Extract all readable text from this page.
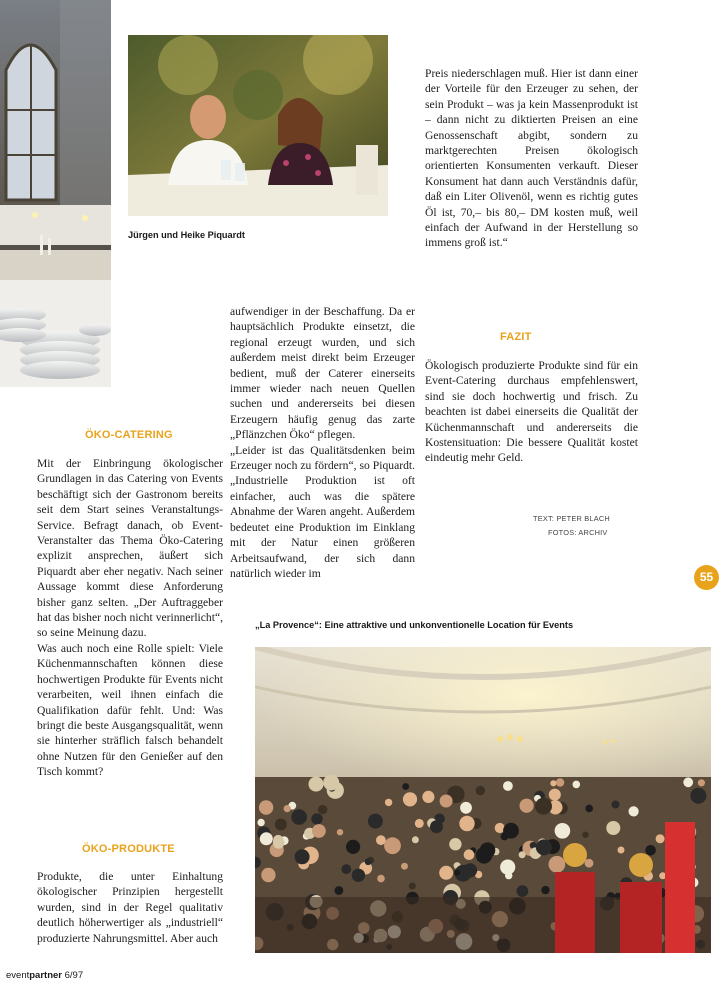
Jürgen und Heike Piquardt

Preis niederschlagen muß. Hier ist dann einer der Vorteile für den Erzeuger zu sehen, der sein Produkt – was ja kein Massenprodukt ist – dann nicht zu diktierten Preisen an eine Genossenschaft abgibt, sondern zu marktgerechten Preisen ökologisch orientierten Konsumenten verkauft. Dieser Konsument hat dann auch Verständnis dafür, daß ein Liter Olivenöl, wenn es richtig gutes Öl ist, 70,– bis 80,– DM kosten muß, weil einfach der Aufwand in der Herstellung so immens groß ist.“

FAZIT

Ökologisch produzierte Produkte sind für ein Event-Catering durchaus empfehlenswert, sind sie doch hochwertig und frisch. Zu beachten ist dabei einerseits die Qualität der Küchenmannschaft und andererseits die Kostensituation: Die bessere Qualität kostet eindeutig mehr Geld.

TEXT: PETER BLACH
FOTOS: ARCHIV

aufwendiger in der Beschaffung. Da er hauptsächlich Produkte einsetzt, die regional erzeugt wurden, und sich außerdem meist direkt beim Erzeuger bedient, muß der Caterer einerseits immer wieder nach neuen Quellen suchen und andererseits bei diesen Erzeugern häufig genug das zarte „Pflänzchen Öko“ pflegen.

„Leider ist das Qualitätsdenken beim Erzeuger noch zu fördern“, so Piquardt. „Industrielle Produktion ist oft einfacher, auch was die spätere Abnahme der Waren angeht. Außerdem bedeutet eine Produktion im Einklang mit der Natur einen größeren Arbeitsaufwand, der sich dann natürlich wieder im

ÖKO-CATERING

Mit der Einbringung ökologischer Grundlagen in das Catering von Events beschäftigt sich der Gastronom bereits seit dem Start seines Veranstaltungs-Service. Befragt danach, ob Event-Veranstalter das Thema Öko-Catering explizit ansprechen, äußert sich Piquardt aber eher negativ. Nach seiner Aussage kommt diese Anforderung bisher ganz selten. „Der Auftraggeber hat das bisher noch nicht verinnerlicht“, so seine Meinung dazu.

Was auch noch eine Rolle spielt: Viele Küchenmannschaften können diese hochwertigen Produkte für Events nicht verarbeiten, weil ihnen einfach die Qualifikation dafür fehlt. Und: Was bringt die beste Ausgangsqualität, wenn sie hinterher sträflich falsch behandelt ohne Nutzen für den Genießer auf den Tisch kommt?

ÖKO-PRODUKTE

Produkte, die unter Einhaltung ökologischer Prinzipien hergestellt wurden, sind in der Regel qualitativ deutlich höherwertiger als „industriell“ produzierte Nahrungsmittel. Aber auch

„La Provence“: Eine attraktive und unkonventionelle Location für Events
55
eventpartner 6/97
